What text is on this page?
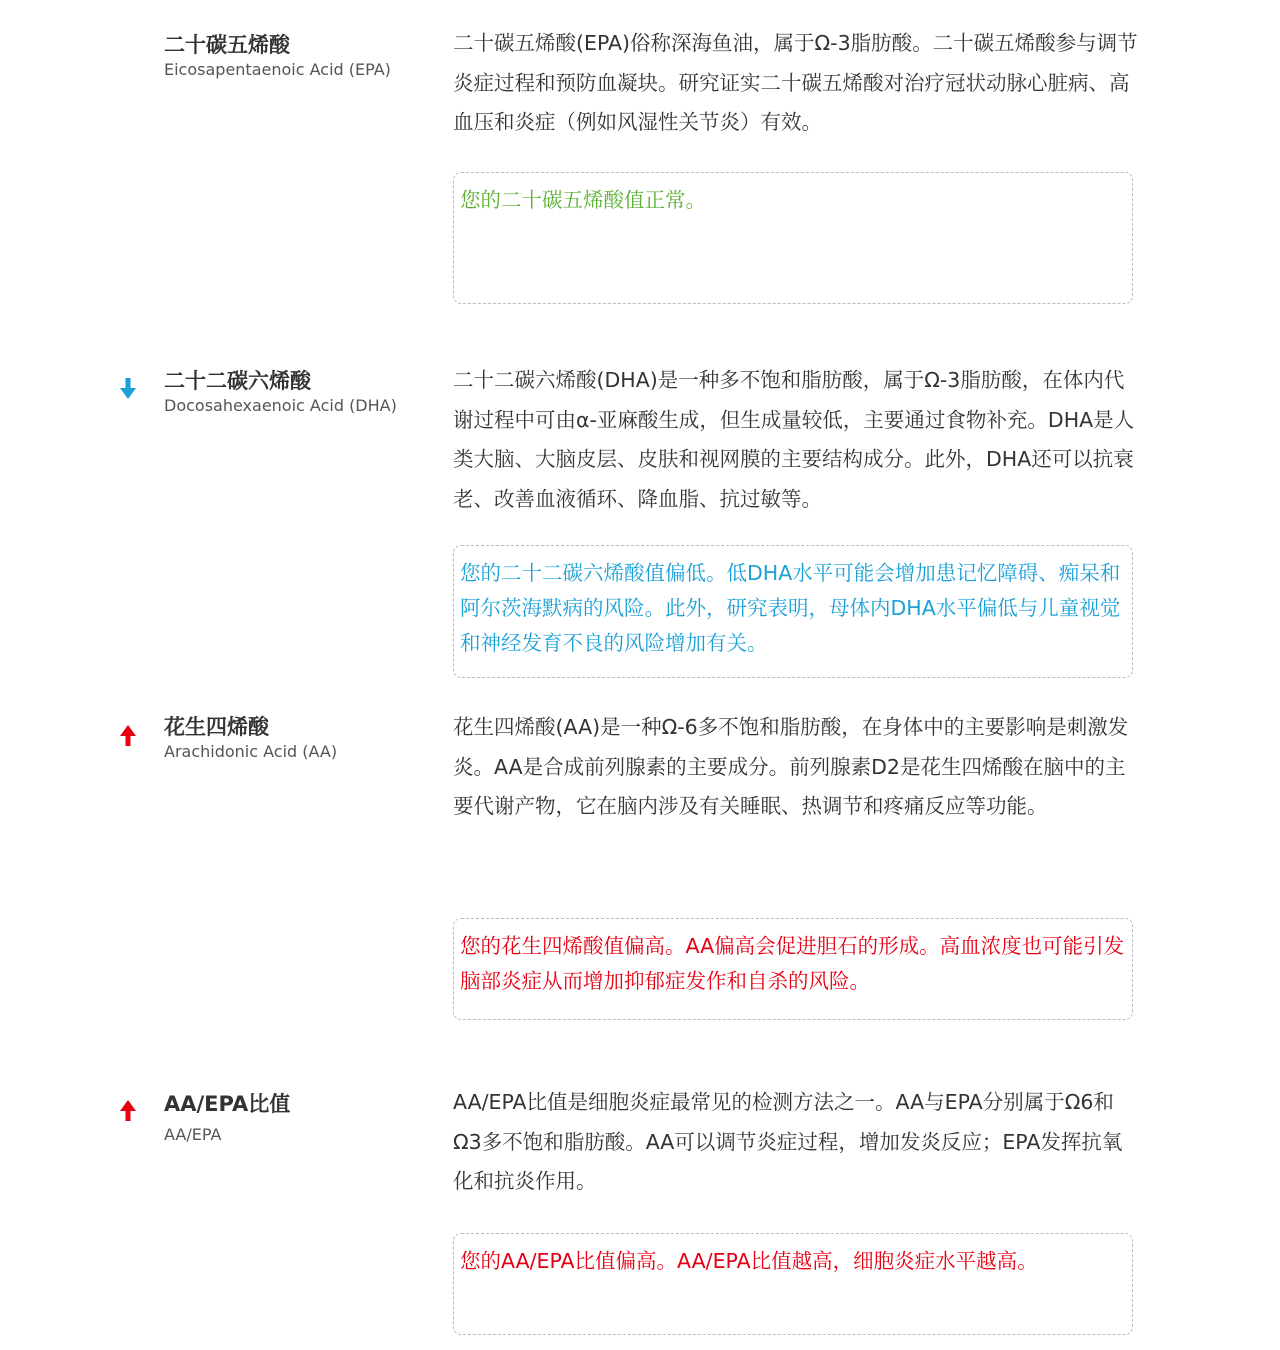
二十碳五烯酸
Eicosapentaenoic Acid (EPA)

二十碳五烯酸(EPA)俗称深海鱼油，属于Ω-3脂肪酸。二十碳五烯酸参与调节炎症过程和预防血凝块。研究证实二十碳五烯酸对治疗冠状动脉心脏病、高血压和炎症（例如风湿性关节炎）有效。

您的二十碳五烯酸值正常。
二十二碳六烯酸
Docosahexaenoic Acid (DHA)

二十二碳六烯酸(DHA)是一种多不饱和脂肪酸，属于Ω-3脂肪酸，在体内代谢过程中可由α-亚麻酸生成，但生成量较低，主要通过食物补充。DHA是人类大脑、大脑皮层、皮肤和视网膜的主要结构成分。此外，DHA还可以抗衰老、改善血液循环、降血脂、抗过敏等。

您的二十二碳六烯酸值偏低。低DHA水平可能会增加患记忆障碍、痴呆和阿尔茨海默病的风险。此外，研究表明，母体内DHA水平偏低与儿童视觉和神经发育不良的风险增加有关。
花生四烯酸
Arachidonic Acid (AA)

花生四烯酸(AA)是一种Ω-6多不饱和脂肪酸，在身体中的主要影响是刺激发炎。AA是合成前列腺素的主要成分。前列腺素D2是花生四烯酸在脑中的主要代谢产物，它在脑内涉及有关睡眠、热调节和疼痛反应等功能。

您的花生四烯酸值偏高。AA偏高会促进胆石的形成。高血浓度也可能引发脑部炎症从而增加抑郁症发作和自杀的风险。
AA/EPA比值
AA/EPA

AA/EPA比值是细胞炎症最常见的检测方法之一。AA与EPA分别属于Ω6和Ω3多不饱和脂肪酸。AA可以调节炎症过程，增加发炎反应；EPA发挥抗氧化和抗炎作用。

您的AA/EPA比值偏高。AA/EPA比值越高，细胞炎症水平越高。
